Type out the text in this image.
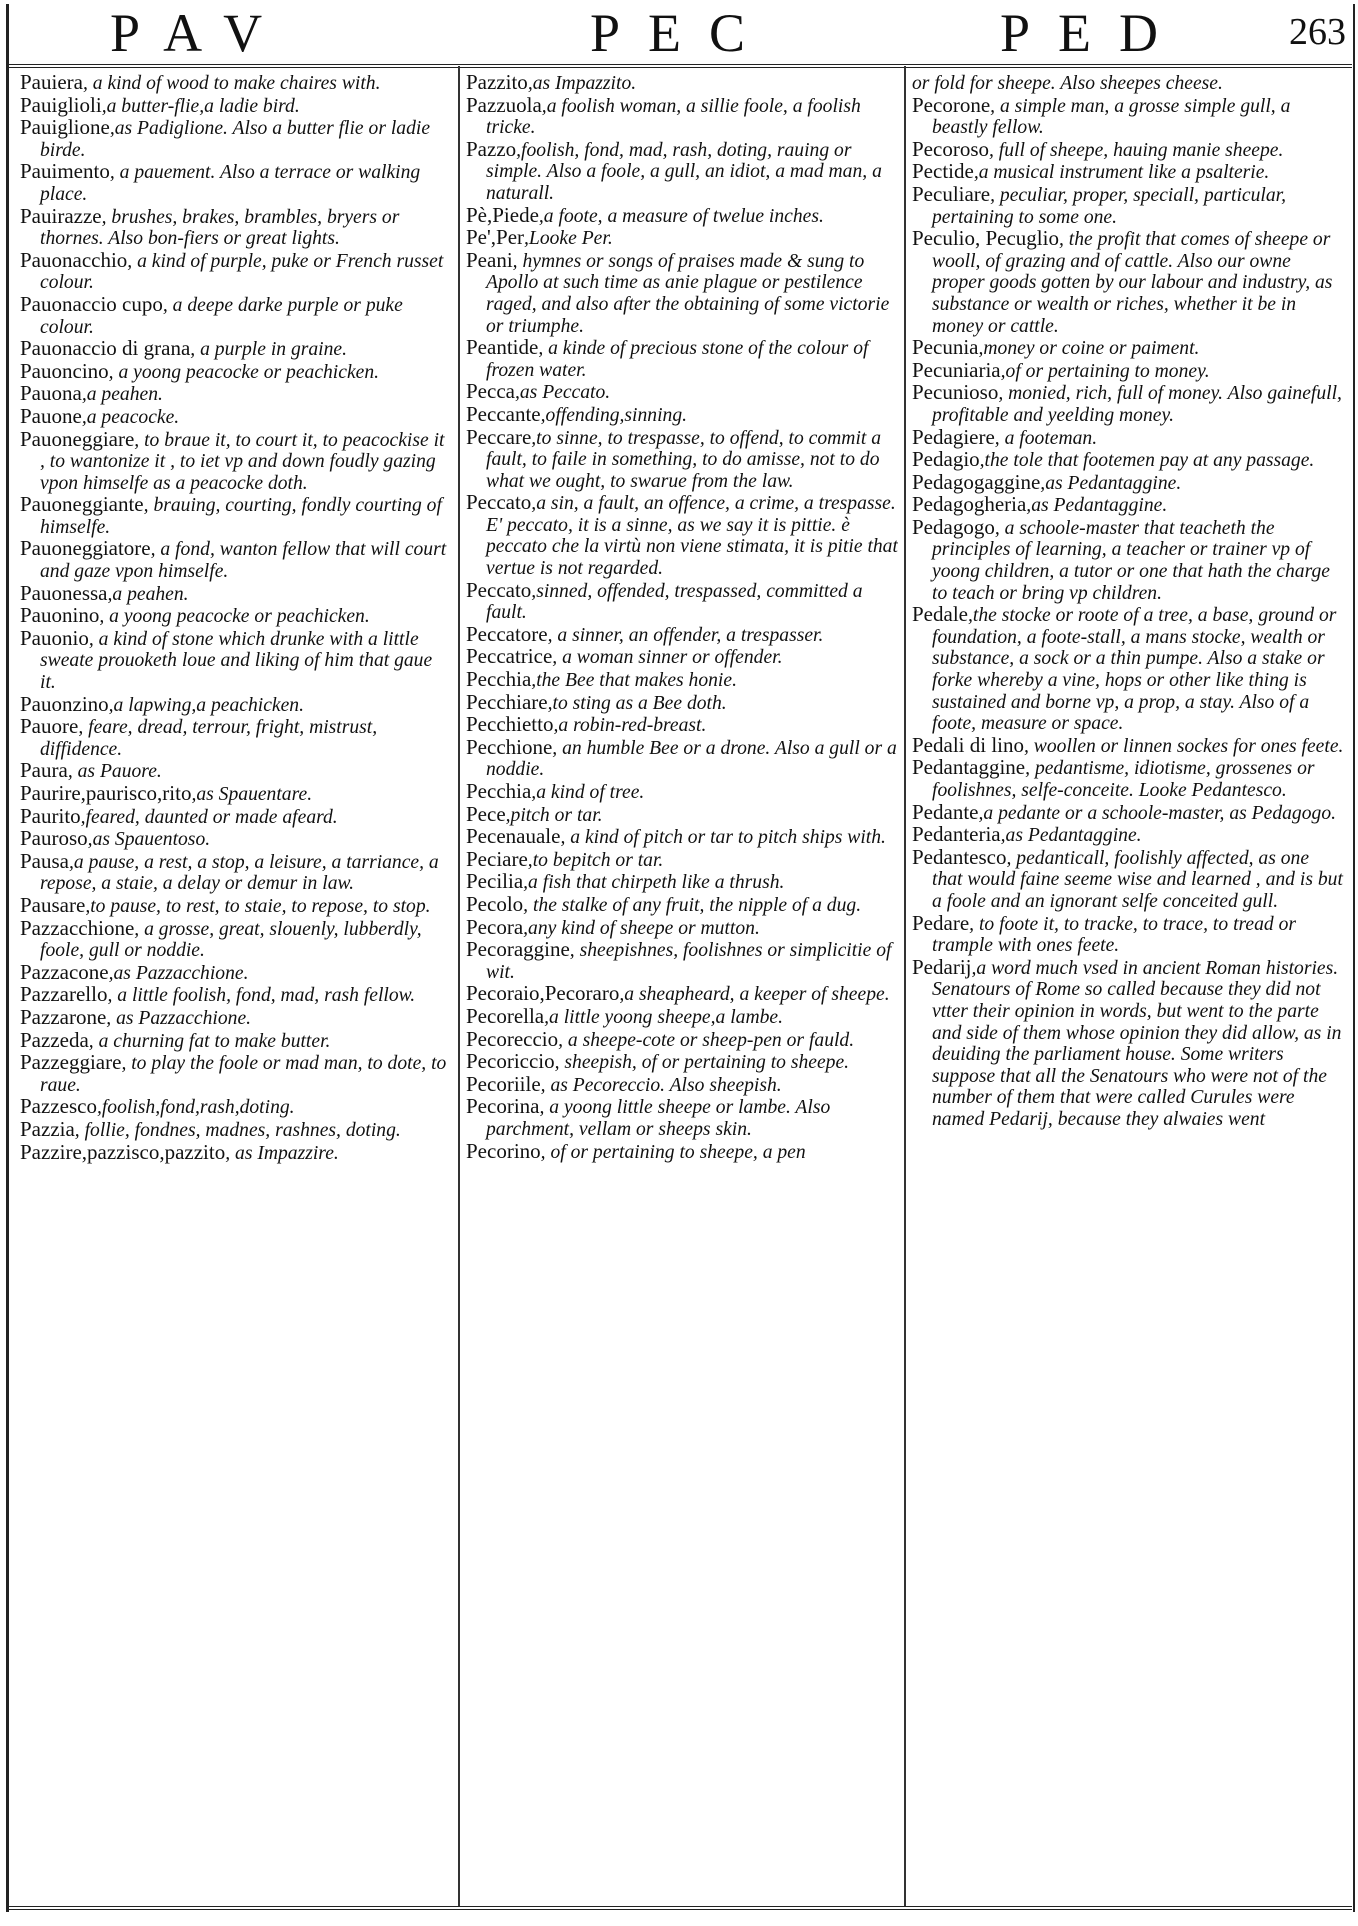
PAV	PEC	PED	263

Pauiera, a kind of wood to make chaires with.

Pauiglioli,a butter-flie,a ladie bird.

Pauiglione,as Padiglione. Also a butter flie or ladie birde.

Pauimento, a pauement. Also a terrace or walking place.

Pauirazze, brushes, brakes, brambles, bryers or thornes. Also bon-fiers or great lights.

Pauonacchio, a kind of purple, puke or French russet colour.

Pauonaccio cupo, a deepe darke purple or puke colour.

Pauonaccio di grana, a purple in graine.

Pauoncino, a yoong peacocke or peachicken.

Pauona,a peahen.

Pauone,a peacocke.

Pauoneggiare, to braue it, to court it, to peacockise it , to wantonize it , to iet vp and down foudly gazing vpon himselfe as a peacocke doth.

Pauoneggiante, brauing, courting, fondly courting of himselfe.

Pauoneggiatore, a fond, wanton fellow that will court and gaze vpon himselfe.

Pauonessa,a peahen.

Pauonino, a yoong peacocke or peachicken.

Pauonio, a kind of stone which drunke with a little sweate prouoketh loue and liking of him that gaue it.

Pauonzino,a lapwing,a peachicken.

Pauore, feare, dread, terrour, fright, mistrust, diffidence.

Paura, as Pauore.

Paurire,paurisco,rito,as Spauentare.

Paurito,feared, daunted or made afeard.

Pauroso,as Spauentoso.

Pausa,a pause, a rest, a stop, a leisure, a tarriance, a repose, a staie, a delay or demur in law.

Pausare,to pause, to rest, to staie, to repose, to stop.

Pazzacchione, a grosse, great, slouenly, lubberdly, foole, gull or noddie.

Pazzacone,as Pazzacchione.

Pazzarello, a little foolish, fond, mad, rash fellow.

Pazzarone, as Pazzacchione.

Pazzeda, a churning fat to make butter.

Pazzeggiare, to play the foole or mad man, to dote, to raue.

Pazzesco,foolish,fond,rash,doting.

Pazzia, follie, fondnes, madnes, rashnes, doting.

Pazzire,pazzisco,pazzito, as Impazzire.

Pazzito,as Impazzito.

Pazzuola,a foolish woman, a sillie foole, a foolish tricke.

Pazzo,foolish, fond, mad, rash, doting, rauing or simple. Also a foole, a gull, an idiot, a mad man, a naturall.

Pè,Piede,a foote, a measure of twelue inches.

Pe',Per,Looke Per.

Peani, hymnes or songs of praises made & sung to Apollo at such time as anie plague or pestilence raged, and also after the obtaining of some victorie or triumphe.

Peantide, a kinde of precious stone of the colour of frozen water.

Pecca,as Peccato.

Peccante,offending,sinning.

Peccare,to sinne, to trespasse, to offend, to commit a fault, to faile in something, to do amisse, not to do what we ought, to swarue from the law.

Peccato,a sin, a fault, an offence, a crime, a trespasse. E' peccato, it is a sinne, as we say it is pittie. è peccato che la virtù non viene stimata, it is pitie that vertue is not regarded.

Peccato,sinned, offended, trespassed, committed a fault.

Peccatore, a sinner, an offender, a trespasser.

Peccatrice, a woman sinner or offender.

Pecchia,the Bee that makes honie.

Pecchiare,to sting as a Bee doth.

Pecchietto,a robin-red-breast.

Pecchione, an humble Bee or a drone. Also a gull or a noddie.

Pecchia,a kind of tree.

Pece,pitch or tar.

Pecenauale, a kind of pitch or tar to pitch ships with.

Peciare,to bepitch or tar.

Pecilia,a fish that chirpeth like a thrush.

Pecolo, the stalke of any fruit, the nipple of a dug.

Pecora,any kind of sheepe or mutton.

Pecoraggine, sheepishnes, foolishnes or simplicitie of wit.

Pecoraio,Pecoraro,a sheapheard, a keeper of sheepe.

Pecorella,a little yoong sheepe,a lambe.

Pecoreccio, a sheepe-cote or sheep-pen or fauld.

Pecoriccio, sheepish, of or pertaining to sheepe.

Pecoriile, as Pecoreccio. Also sheepish.

Pecorina, a yoong little sheepe or lambe. Also parchment, vellam or sheeps skin.

Pecorino, of or pertaining to sheepe, a pen

or fold for sheepe. Also sheepes cheese.

Pecorone, a simple man, a grosse simple gull, a beastly fellow.

Pecoroso, full of sheepe, hauing manie sheepe.

Pectide,a musical instrument like a psalterie.

Peculiare, peculiar, proper, speciall, particular, pertaining to some one.

Peculio, Pecuglio, the profit that comes of sheepe or wooll, of grazing and of cattle. Also our owne proper goods gotten by our labour and industry, as substance or wealth or riches, whether it be in money or cattle.

Pecunia,money or coine or paiment.

Pecuniaria,of or pertaining to money.

Pecunioso, monied, rich, full of money. Also gainefull, profitable and yeelding money.

Pedagiere, a footeman.

Pedagio,the tole that footemen pay at any passage.

Pedagogaggine,as Pedantaggine.

Pedagogheria,as Pedantaggine.

Pedagogo, a schoole-master that teacheth the principles of learning, a teacher or trainer vp of yoong children, a tutor or one that hath the charge to teach or bring vp children.

Pedale,the stocke or roote of a tree, a base, ground or foundation, a foote-stall, a mans stocke, wealth or substance, a sock or a thin pumpe. Also a stake or forke whereby a vine, hops or other like thing is sustained and borne vp, a prop, a stay. Also of a foote, measure or space.

Pedali di lino, woollen or linnen sockes for ones feete.

Pedantaggine, pedantisme, idiotisme, grossenes or foolishnes, selfe-conceite. Looke Pedantesco.

Pedante,a pedante or a schoole-master, as Pedagogo.

Pedanteria,as Pedantaggine.

Pedantesco, pedanticall, foolishly affected, as one that would faine seeme wise and learned , and is but a foole and an ignorant selfe conceited gull.

Pedare, to foote it, to tracke, to trace, to tread or trample with ones feete.

Pedarij,a word much vsed in ancient Roman histories. Senatours of Rome so called because they did not vtter their opinion in words, but went to the parte and side of them whose opinion they did allow, as in deuiding the parliament house. Some writers suppose that all the Senatours who were not of the number of them that were called Curules were named Pedarij, because they alwaies went
